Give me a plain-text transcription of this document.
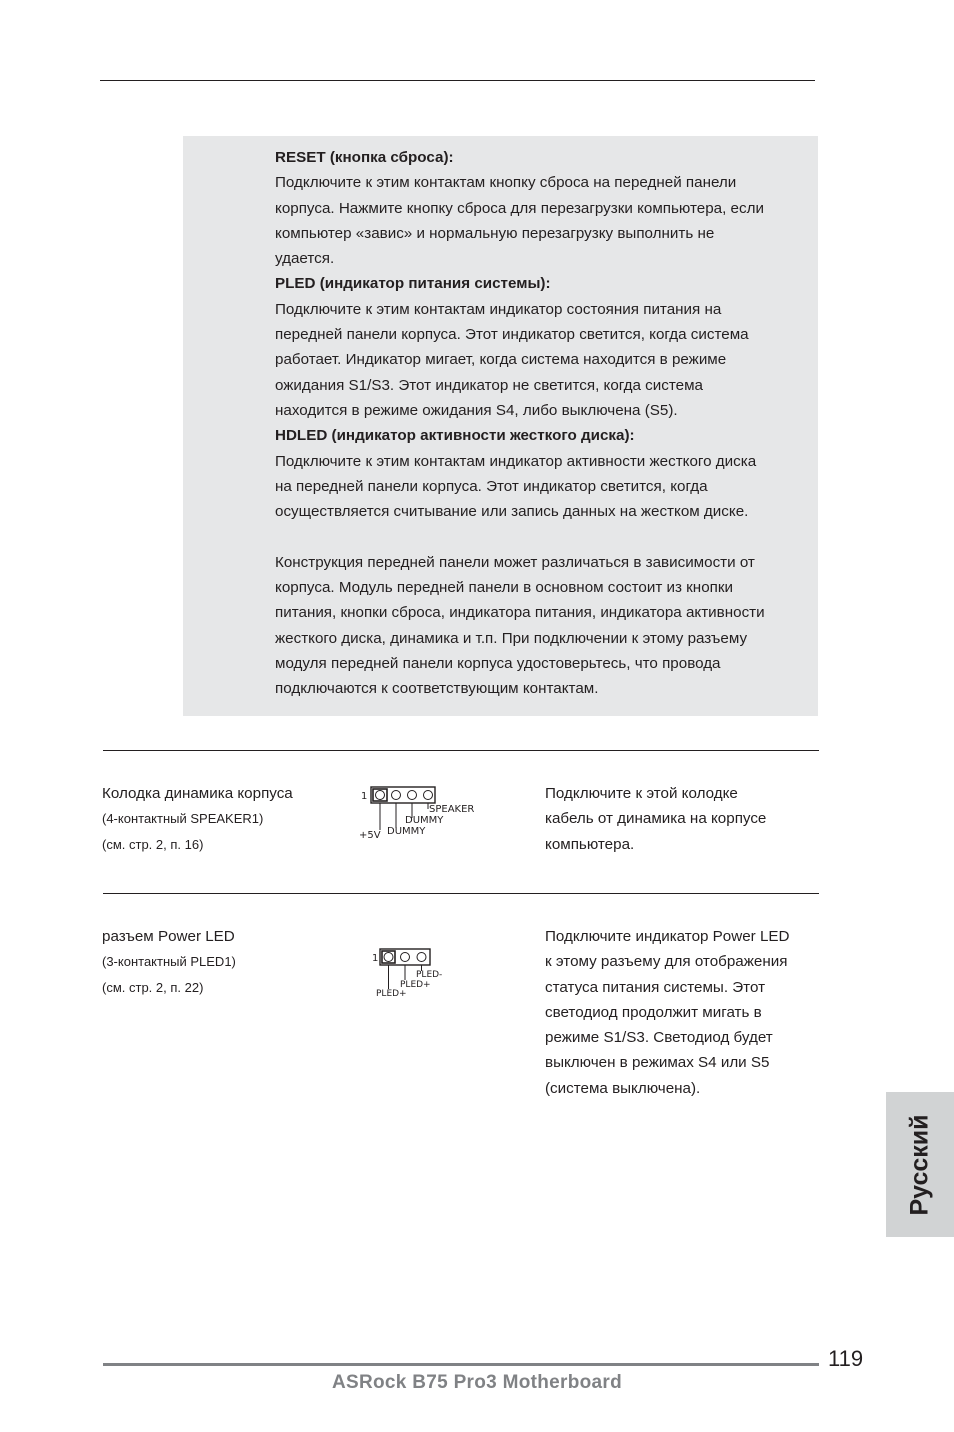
RESET (кнопка сброса):
Подключите к этим контактам кнопку сброса на передней панели
корпуса. Нажмите кнопку сброса для перезагрузки компьютера, если
компьютер «завис» и нормальную перезагрузку выполнить не
удается.
PLED (индикатор питания системы):
Подключите к этим контактам индикатор состояния питания на
передней панели корпуса. Этот индикатор светится, когда система
работает. Индикатор мигает, когда система находится в режиме
ожидания S1/S3. Этот индикатор не светится, когда система
находится в режиме ожидания S4, либо выключена (S5).
HDLED (индикатор активности жесткого диска):
Подключите к этим контактам индикатор активности жесткого диска
на передней панели корпуса. Этот индикатор светится, когда
осуществляется считывание или запись данных на жестком диске.
Конструкция передней панели может различаться в зависимости от
корпуса. Модуль передней панели в основном состоит из кнопки
питания, кнопки сброса, индикатора питания, индикатора активности
жесткого диска, динамика и т.п. При подключении к этому разъему
модуля передней панели корпуса удостоверьтесь, что провода
подключаются к соответствующим контактам.
Колодка динамика корпуса
(4-контактный SPEAKER1)
(см. стр. 2, п. 16)
1
SPEAKER
DUMMY
+5V DUMMY
Подключите к этой колодке
кабель от динамика на корпусе
компьютера.
разъем Power LED
(3-контактный PLED1)
(см. стр. 2, п. 22)
1
PLED-
PLED+
PLED+
Подключите индикатор Power LED
к этому разъему для отображения
статуса питания системы. Этот
светодиод продолжит мигать в
режиме S1/S3. Светодиод будет
выключен в режимах S4 или S5
(система выключена).
Русский
119
ASRock B75 Pro3 Motherboard
